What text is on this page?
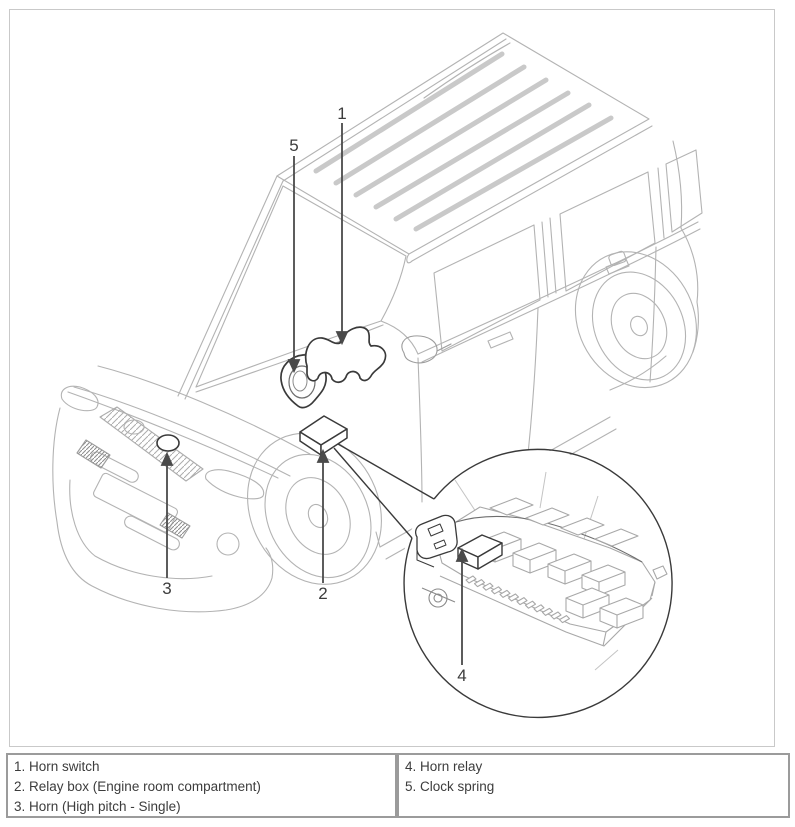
1
5
3	2
4
1. Horn switch
2. Relay box (Engine room compartment)
3. Horn (High pitch - Single)
4. Horn relay
5. Clock spring
